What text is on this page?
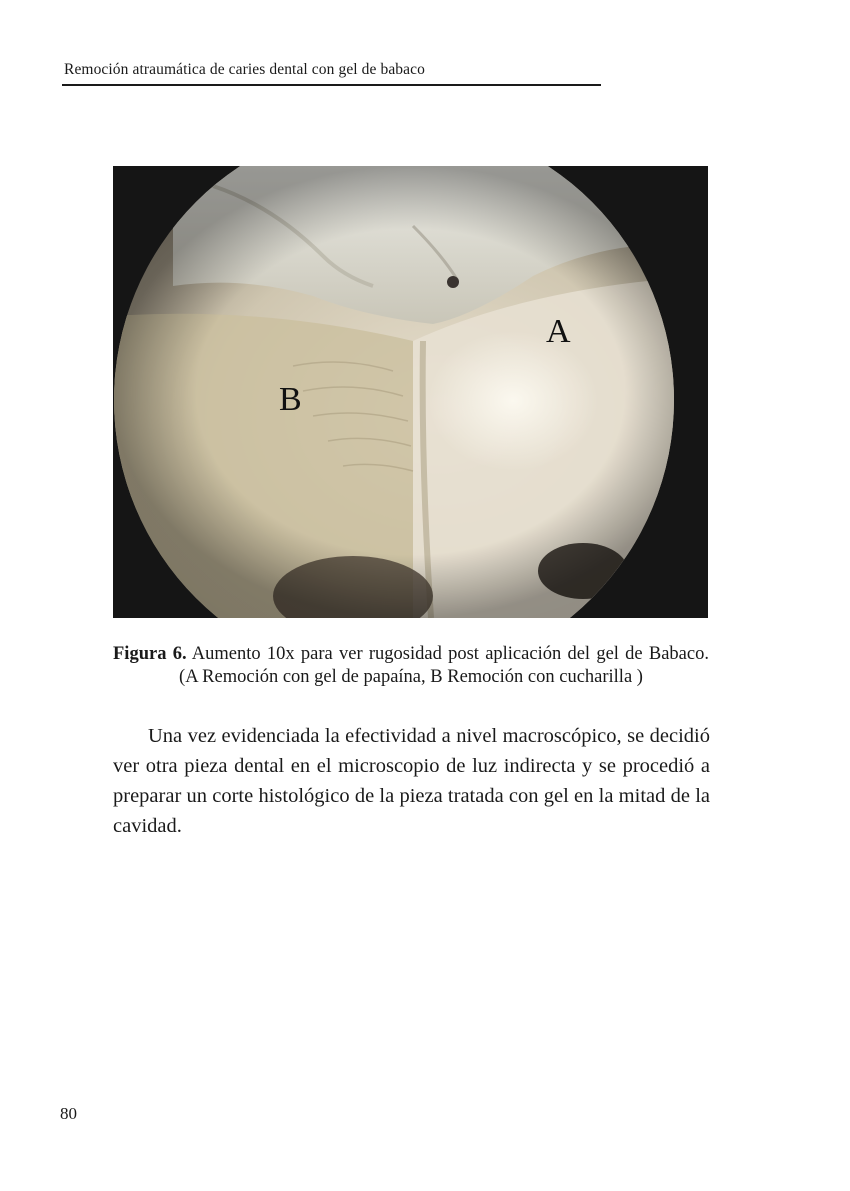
Remoción atraumática de caries dental con gel de babaco
A
B
Figura 6. Aumento 10x para ver rugosidad post aplicación del gel de Babaco. (A Remoción con gel de papaína, B Remoción con cucharilla )

Una vez evidenciada la efectividad a nivel macroscópico, se decidió ver otra pieza dental en el microscopio de luz indirecta y se procedió a preparar un corte histológico de la pieza tratada con gel en la mitad de la cavidad.

80
